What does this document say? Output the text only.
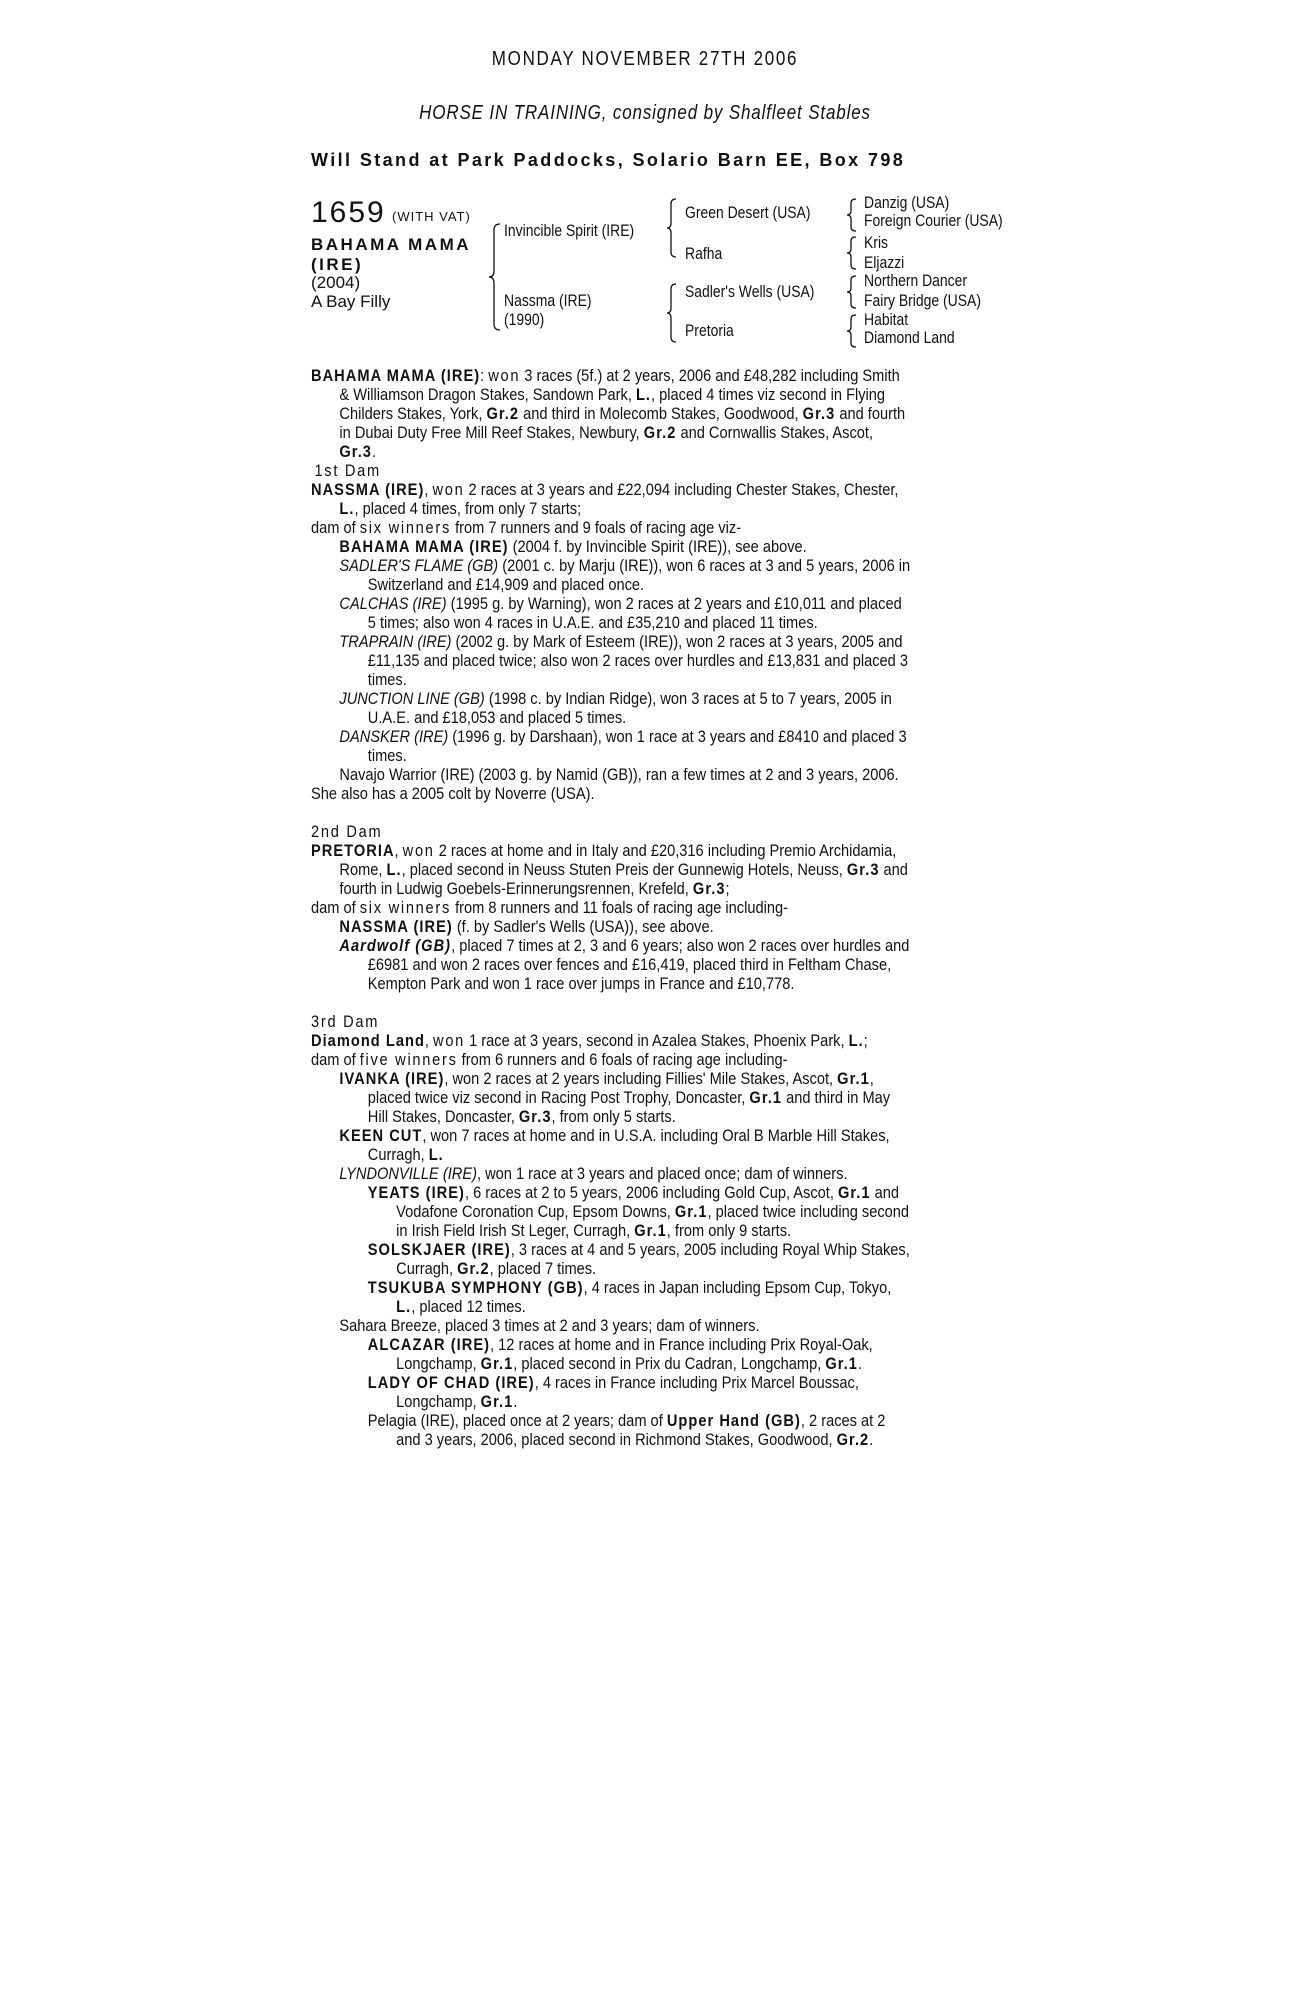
MONDAY NOVEMBER 27TH 2006
HORSE IN TRAINING, consigned by Shalfleet Stables
Will Stand at Park Paddocks, Solario Barn EE, Box 798
1659 (WITH VAT)
BAHAMA MAMA
(IRE)
(2004)
A Bay Filly
Invincible Spirit (IRE)
Nassma (IRE)
(1990)
Green Desert (USA)
Rafha
Sadler's Wells (USA)
Pretoria
Danzig (USA)
Foreign Courier (USA)
Kris
Eljazzi
Northern Dancer
Fairy Bridge (USA)
Habitat
Diamond Land

BAHAMA MAMA (IRE): won 3 races (5f.) at 2 years, 2006 and £48,282 including Smith & Williamson Dragon Stakes, Sandown Park, L., placed 4 times viz second in Flying Childers Stakes, York, Gr.2 and third in Molecomb Stakes, Goodwood, Gr.3 and fourth in Dubai Duty Free Mill Reef Stakes, Newbury, Gr.2 and Cornwallis Stakes, Ascot, Gr.3.

1st Dam

NASSMA (IRE), won 2 races at 3 years and £22,094 including Chester Stakes, Chester, L., placed 4 times, from only 7 starts;

dam of six winners from 7 runners and 9 foals of racing age viz-

BAHAMA MAMA (IRE) (2004 f. by Invincible Spirit (IRE)), see above.

SADLER'S FLAME (GB) (2001 c. by Marju (IRE)), won 6 races at 3 and 5 years, 2006 in Switzerland and £14,909 and placed once.

CALCHAS (IRE) (1995 g. by Warning), won 2 races at 2 years and £10,011 and placed 5 times; also won 4 races in U.A.E. and £35,210 and placed 11 times.

TRAPRAIN (IRE) (2002 g. by Mark of Esteem (IRE)), won 2 races at 3 years, 2005 and £11,135 and placed twice; also won 2 races over hurdles and £13,831 and placed 3 times.

JUNCTION LINE (GB) (1998 c. by Indian Ridge), won 3 races at 5 to 7 years, 2005 in U.A.E. and £18,053 and placed 5 times.

DANSKER (IRE) (1996 g. by Darshaan), won 1 race at 3 years and £8410 and placed 3 times.

Navajo Warrior (IRE) (2003 g. by Namid (GB)), ran a few times at 2 and 3 years, 2006.

She also has a 2005 colt by Noverre (USA).

2nd Dam

PRETORIA, won 2 races at home and in Italy and £20,316 including Premio Archidamia, Rome, L., placed second in Neuss Stuten Preis der Gunnewig Hotels, Neuss, Gr.3 and fourth in Ludwig Goebels-Erinnerungsrennen, Krefeld, Gr.3;

dam of six winners from 8 runners and 11 foals of racing age including-

NASSMA (IRE) (f. by Sadler's Wells (USA)), see above.

Aardwolf (GB), placed 7 times at 2, 3 and 6 years; also won 2 races over hurdles and £6981 and won 2 races over fences and £16,419, placed third in Feltham Chase, Kempton Park and won 1 race over jumps in France and £10,778.

3rd Dam

Diamond Land, won 1 race at 3 years, second in Azalea Stakes, Phoenix Park, L.;

dam of five winners from 6 runners and 6 foals of racing age including-

IVANKA (IRE), won 2 races at 2 years including Fillies' Mile Stakes, Ascot, Gr.1, placed twice viz second in Racing Post Trophy, Doncaster, Gr.1 and third in May Hill Stakes, Doncaster, Gr.3, from only 5 starts.

KEEN CUT, won 7 races at home and in U.S.A. including Oral B Marble Hill Stakes, Curragh, L.

LYNDONVILLE (IRE), won 1 race at 3 years and placed once; dam of winners.

YEATS (IRE), 6 races at 2 to 5 years, 2006 including Gold Cup, Ascot, Gr.1 and Vodafone Coronation Cup, Epsom Downs, Gr.1, placed twice including second in Irish Field Irish St Leger, Curragh, Gr.1, from only 9 starts.

SOLSKJAER (IRE), 3 races at 4 and 5 years, 2005 including Royal Whip Stakes, Curragh, Gr.2, placed 7 times.

TSUKUBA SYMPHONY (GB), 4 races in Japan including Epsom Cup, Tokyo, L., placed 12 times.

Sahara Breeze, placed 3 times at 2 and 3 years; dam of winners.

ALCAZAR (IRE), 12 races at home and in France including Prix Royal-Oak, Longchamp, Gr.1, placed second in Prix du Cadran, Longchamp, Gr.1.

LADY OF CHAD (IRE), 4 races in France including Prix Marcel Boussac, Longchamp, Gr.1.

Pelagia (IRE), placed once at 2 years; dam of Upper Hand (GB), 2 races at 2 and 3 years, 2006, placed second in Richmond Stakes, Goodwood, Gr.2.
